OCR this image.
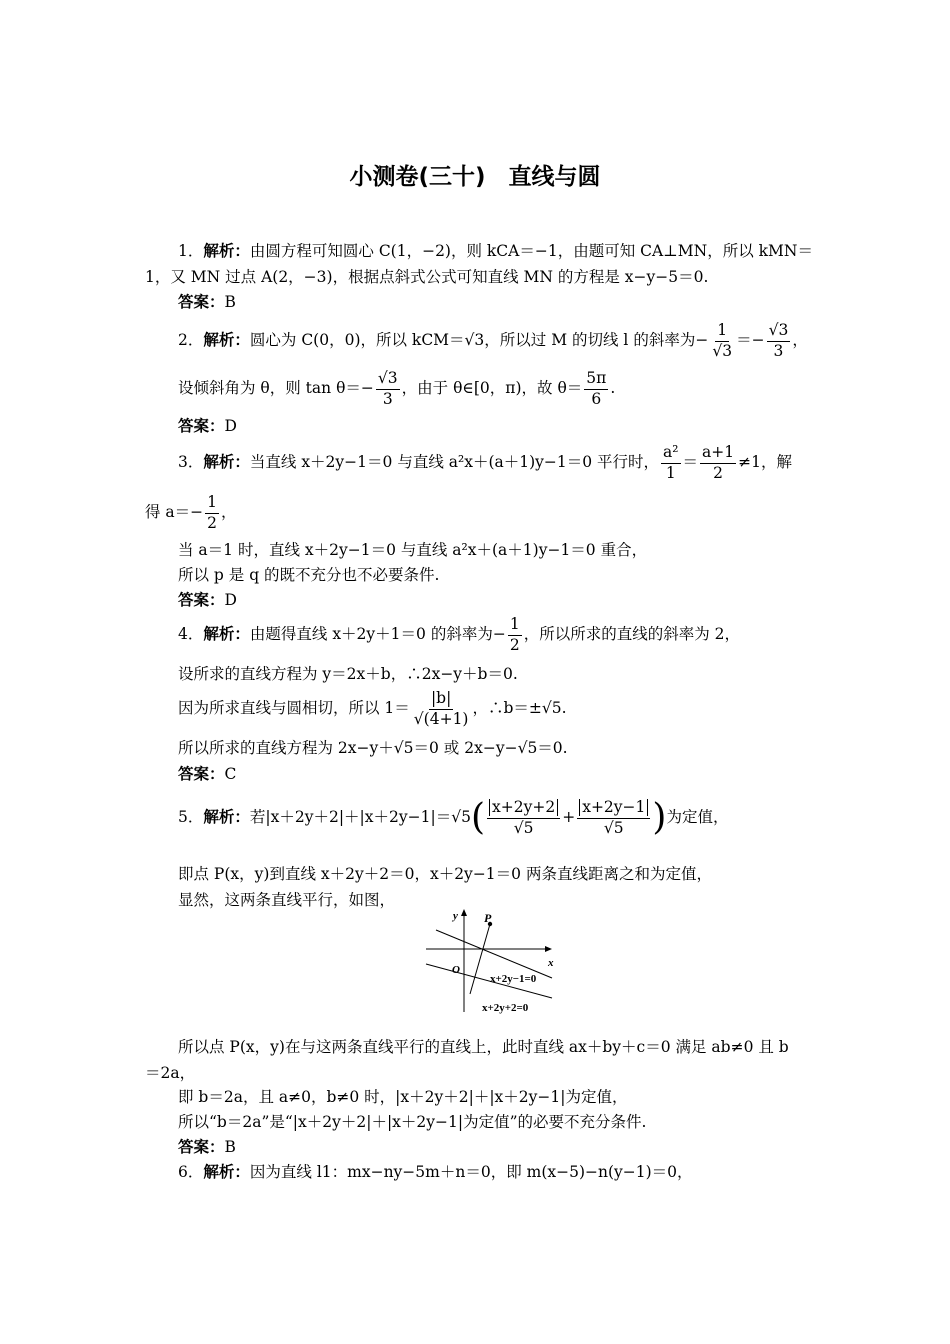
小测卷(三十)　直线与圆
1．解析：由圆方程可知圆心 C(1，−2)，则 kCA＝−1，由题可知 CA⊥MN，所以 kMN＝
1，又 MN 过点 A(2，−3)，根据点斜式公式可知直线 MN 的方程是 x−y−5＝0.
答案：B
2． 解析： 圆心为 C(0，0)，所以 kCM＝√3，所以过 M 的切线 l 的斜率为− $\frac{1}{√3} =- \frac{√3}{3}$ ，
设倾斜角为 θ，则 $\tan \theta=- \frac{√3}{3}$ ，由于 θ∈[0，π)，故 $\theta= \frac{5\pi}{6}$ .
答案：D
3． 解析： 当直线 x＋2y−1＝0 与直线 a²x＋(a＋1)y−1＝0 平行时， $\frac{\text{a²}}{1} = \frac{a+1}{2} \ne 1$，解
得 $a=- \frac{1}{2}$ ，
当 a＝1 时，直线 x＋2y−1＝0 与直线 a²x＋(a＋1)y−1＝0 重合，
所以 p 是 q 的既不充分也不必要条件.
答案：D
4． 解析： 由题得直线 x＋2y＋1＝0 的斜率为− $\frac{1}{2}$ ，所以所求的直线的斜率为 2，
设所求的直线方程为 y＝2x＋b，∴2x−y＋b＝0.
因为所求直线与圆相切，所以 $1= \frac{|b|}{√(4+1)}$ ，∴b＝±√5.
所以所求的直线方程为 2x−y＋√5＝0 或 2x−y−√5＝0.
答案：C
5． 解析： 若|x＋2y＋2|＋|x＋2y−1|＝√5 ( $\frac{x+2y+2}{√5} + \frac{x+2y-1}{√5}$ ) 为定值，
即点 P(x，y)到直线 x＋2y＋2＝0，x＋2y−1＝0 两条直线距离之和为定值，
显然，这两条直线平行，如图，
y
x
O
P
x+2y−1=0
x+2y+2=0
所以点 P(x，y)在与这两条直线平行的直线上，此时直线 ax＋by＋c＝0 满足 ab≠0 且 b
＝2a，
即 b＝2a，且 a≠0，b≠0 时，|x＋2y＋2|＋|x＋2y−1|为定值，
所以“b＝2a”是“|x＋2y＋2|＋|x＋2y−1|为定值”的必要不充分条件.
答案：B
6．解析：因为直线 l1：mx−ny−5m＋n＝0，即 m(x−5)−n(y−1)＝0，
